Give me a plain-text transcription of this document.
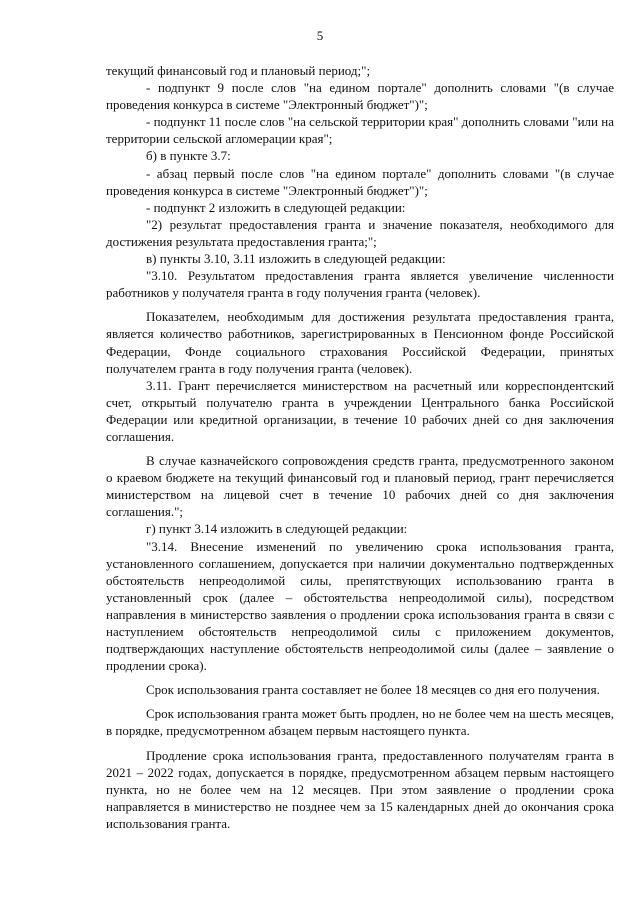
5

текущий финансовый год и плановый период;";

- подпункт 9 после слов "на едином портале" дополнить словами "(в случае проведения конкурса в системе "Электронный бюджет")";

- подпункт 11 после слов "на сельской территории края" дополнить словами "или на территории сельской агломерации края";

б) в пункте 3.7:

- абзац первый после слов "на едином портале" дополнить словами "(в случае проведения конкурса в системе "Электронный бюджет")";

- подпункт 2 изложить в следующей редакции:

"2) результат предоставления гранта и значение показателя, необходимого для достижения результата предоставления гранта;";

в) пункты 3.10, 3.11 изложить в следующей редакции:

"3.10. Результатом предоставления гранта является увеличение численности работников у получателя гранта в году получения гранта (человек).

Показателем, необходимым для достижения результата предоставления гранта, является количество работников, зарегистрированных в Пенсионном фонде Российской Федерации, Фонде социального страхования Российской Федерации, принятых получателем гранта в году получения гранта (человек).

3.11. Грант перечисляется министерством на расчетный или корреспондентский счет, открытый получателю гранта в учреждении Центрального банка Российской Федерации или кредитной организации, в течение 10 рабочих дней со дня заключения соглашения.

В случае казначейского сопровождения средств гранта, предусмотренного законом о краевом бюджете на текущий финансовый год и плановый период, грант перечисляется министерством на лицевой счет в течение 10 рабочих дней со дня заключения соглашения.";

г) пункт 3.14 изложить в следующей редакции:

"3.14. Внесение изменений по увеличению срока использования гранта, установленного соглашением, допускается при наличии документально подтвержденных обстоятельств непреодолимой силы, препятствующих использованию гранта в установленный срок (далее – обстоятельства непреодолимой силы), посредством направления в министерство заявления о продлении срока использования гранта в связи с наступлением обстоятельств непреодолимой силы с приложением документов, подтверждающих наступление обстоятельств непреодолимой силы (далее – заявление о продлении срока).

Срок использования гранта составляет не более 18 месяцев со дня его получения.

Срок использования гранта может быть продлен, но не более чем на шесть месяцев, в порядке, предусмотренном абзацем первым настоящего пункта.

Продление срока использования гранта, предоставленного получателям гранта в 2021 – 2022 годах, допускается в порядке, предусмотренном абзацем первым настоящего пункта, но не более чем на 12 месяцев. При этом заявление о продлении срока направляется в министерство не позднее чем за 15 календарных дней до окончания срока использования гранта.
